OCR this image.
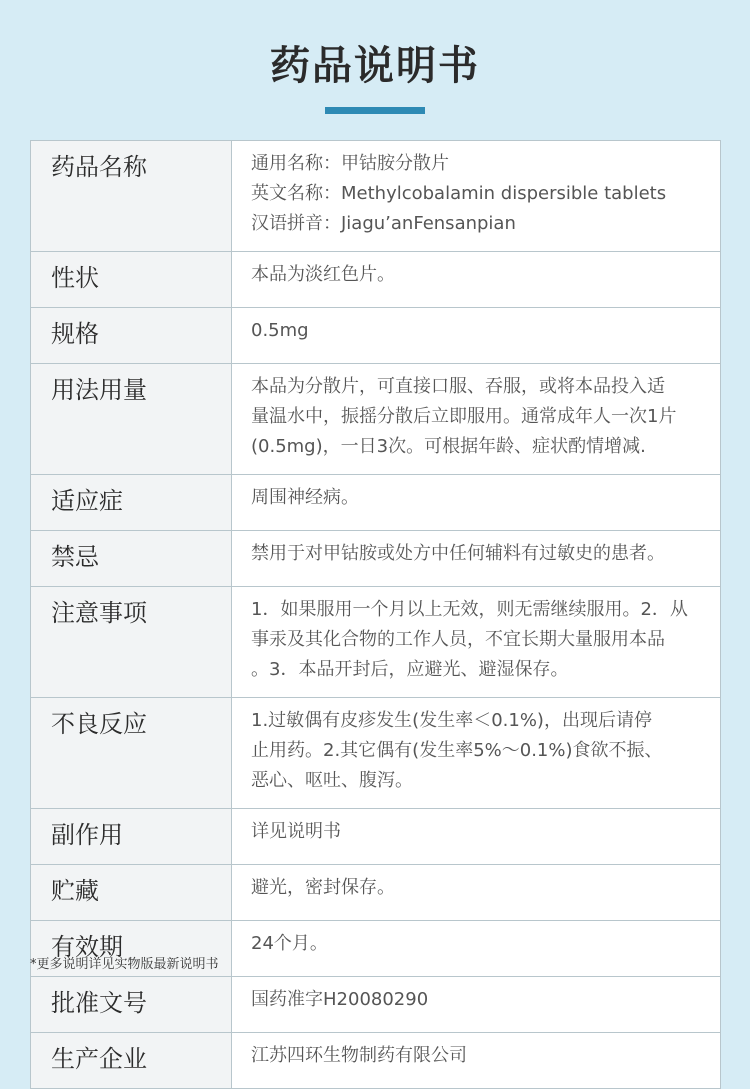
药品说明书
药品名称	通用名称：甲钴胺分散片
英文名称：Methylcobalamin dispersible tablets
汉语拼音：Jiagu’anFensanpian

性状	本品为淡红色片。

规格	0.5mg

用法用量	本品为分散片，可直接口服、吞服，或将本品投入适
量温水中，振摇分散后立即服用。通常成年人一次1片
(0.5mg)，一日3次。可根据年龄、症状酌情增减.

适应症	周围神经病。

禁忌	禁用于对甲钴胺或处方中任何辅料有过敏史的患者。

注意事项	1．如果服用一个月以上无效，则无需继续服用。2．从
事汞及其化合物的工作人员，不宜长期大量服用本品
。3．本品开封后，应避光、避湿保存。

不良反应	1.过敏偶有皮疹发生(发生率＜0.1%)，出现后请停
止用药。2.其它偶有(发生率5%～0.1%)食欲不振、
恶心、呕吐、腹泻。

副作用	详见说明书

贮藏	避光，密封保存。

有效期	24个月。

批准文号	国药准字H20080290

生产企业	江苏四环生物制药有限公司
*更多说明详见实物版最新说明书
